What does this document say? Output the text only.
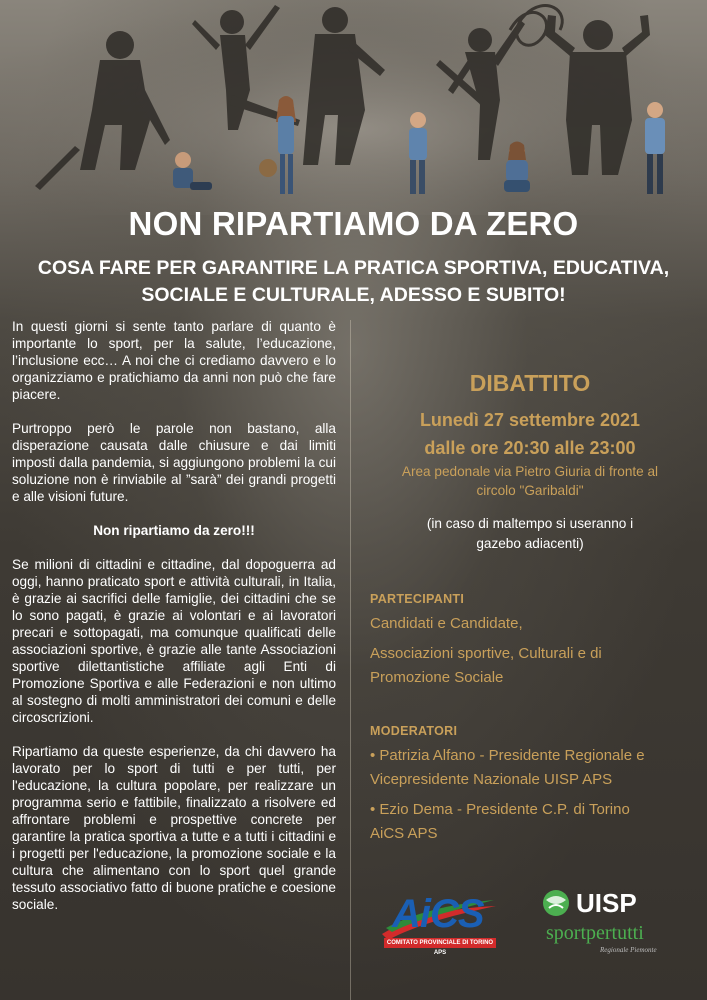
NON RIPARTIAMO DA ZERO
COSA FARE PER GARANTIRE LA PRATICA SPORTIVA, EDUCATIVA,
SOCIALE E CULTURALE, ADESSO E SUBITO!

In questi giorni si sente tanto parlare di quanto è importante lo sport, per la salute, l’educazione, l’inclusione ecc… A noi che ci crediamo davvero e lo organizziamo e pratichiamo da anni non può che fare piacere.

Purtroppo però le parole non bastano, alla disperazione causata dalle chiusure e dai limiti imposti dalla pandemia, si aggiungono problemi la cui soluzione non è rinviabile al ”sarà” dei grandi progetti e alle visioni future.

Non ripartiamo da zero!!!

Se milioni di cittadini e cittadine, dal dopoguerra ad oggi, hanno praticato sport e attività culturali, in Italia, è grazie ai sacrifici delle famiglie, dei cittadini che se lo sono pagati, è grazie ai volontari e ai lavoratori precari e sottopagati, ma comunque qualificati delle associazioni sportive, è grazie alle tante Associazioni sportive dilettantistiche affiliate agli Enti di Promozione Sportiva e alle Federazioni e non ultimo al sostegno di molti amministratori dei comuni e delle circoscrizioni.

Ripartiamo da queste esperienze, da chi davvero ha lavorato per lo sport di tutti e per tutti, per l'educazione, la cultura popolare, per realizzare un programma serio e fattibile, finalizzato a risolvere ed affrontare problemi e prospettive concrete per garantire la pratica sportiva a tutte e a tutti i cittadini e i progetti per l'educazione, la promozione sociale e la cultura che alimentano con lo sport quel grande tessuto associativo fatto di buone pratiche e coesione sociale.

DIBATTITO
Lunedì 27 settembre 2021
dalle ore 20:30 alle 23:00
Area pedonale via Pietro Giuria di fronte al
circolo "Garibaldi"
(in caso di maltempo si useranno i
gazebo adiacenti)
PARTECIPANTI
Candidati e Candidate,
Associazioni sportive, Culturali e di
Promozione Sociale
MODERATORI
• Patrizia Alfano - Presidente Regionale e
Vicepresidente Nazionale UISP APS
• Ezio Dema - Presidente C.P. di Torino
AiCS APS
AiCS
COMITATO PROVINCIALE DI TORINO APS
UISP
sportpertutti
Regionale Piemonte
